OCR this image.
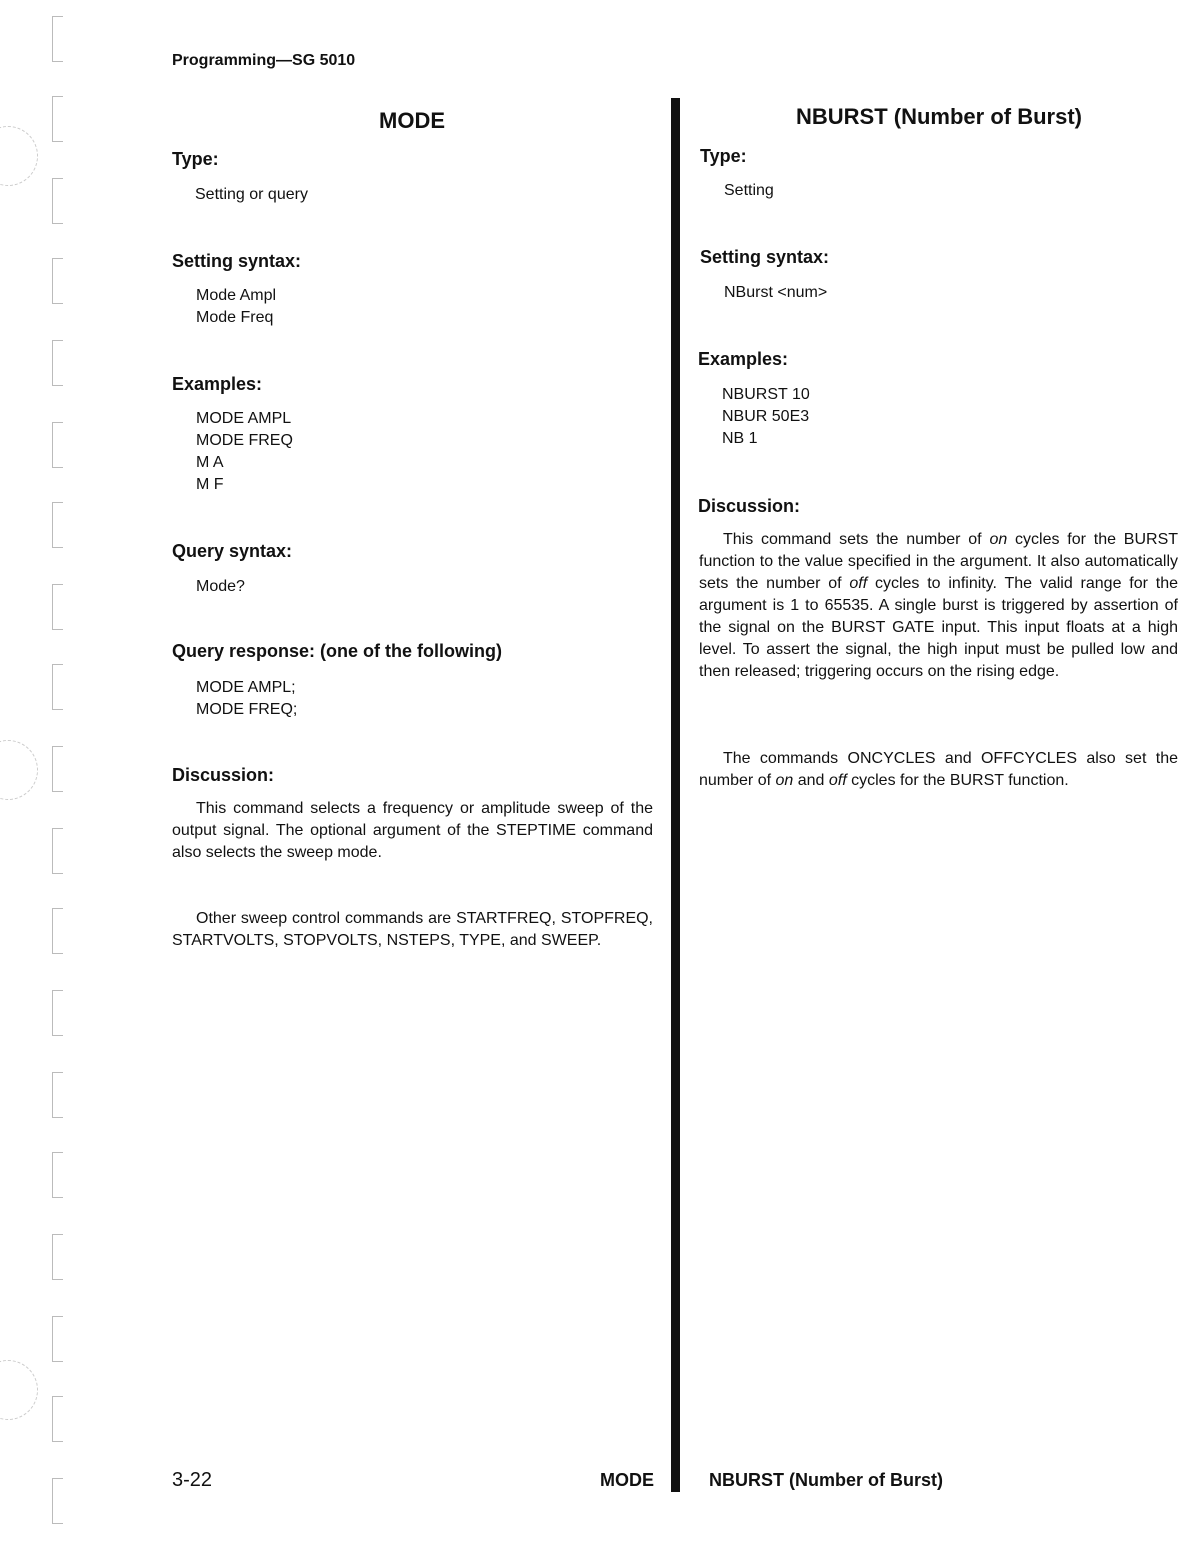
Programming—SG 5010
MODE
Type:
Setting or query
Setting syntax:
Mode Ampl
Mode Freq
Examples:
MODE AMPL
MODE FREQ
M A
M F
Query syntax:
Mode?
Query response: (one of the following)
MODE AMPL;
MODE FREQ;
Discussion:
This command selects a frequency or amplitude sweep of the output signal. The optional argument of the STEPTIME command also selects the sweep mode.
Other sweep control commands are STARTFREQ, STOPFREQ, STARTVOLTS, STOPVOLTS, NSTEPS, TYPE, and SWEEP.
NBURST (Number of Burst)
Type:
Setting
Setting syntax:
NBurst <num>
Examples:
NBURST 10
NBUR 50E3
NB 1
Discussion:
This command sets the number of on cycles for the BURST function to the value specified in the argument. It also automatically sets the number of off cycles to infinity. The valid range for the argument is 1 to 65535. A single burst is triggered by assertion of the signal on the BURST GATE input. This input floats at a high level. To assert the signal, the high input must be pulled low and then released; triggering occurs on the rising edge.
The commands ONCYCLES and OFFCYCLES also set the number of on and off cycles for the BURST function.
3-22	MODE	NBURST (Number of Burst)
